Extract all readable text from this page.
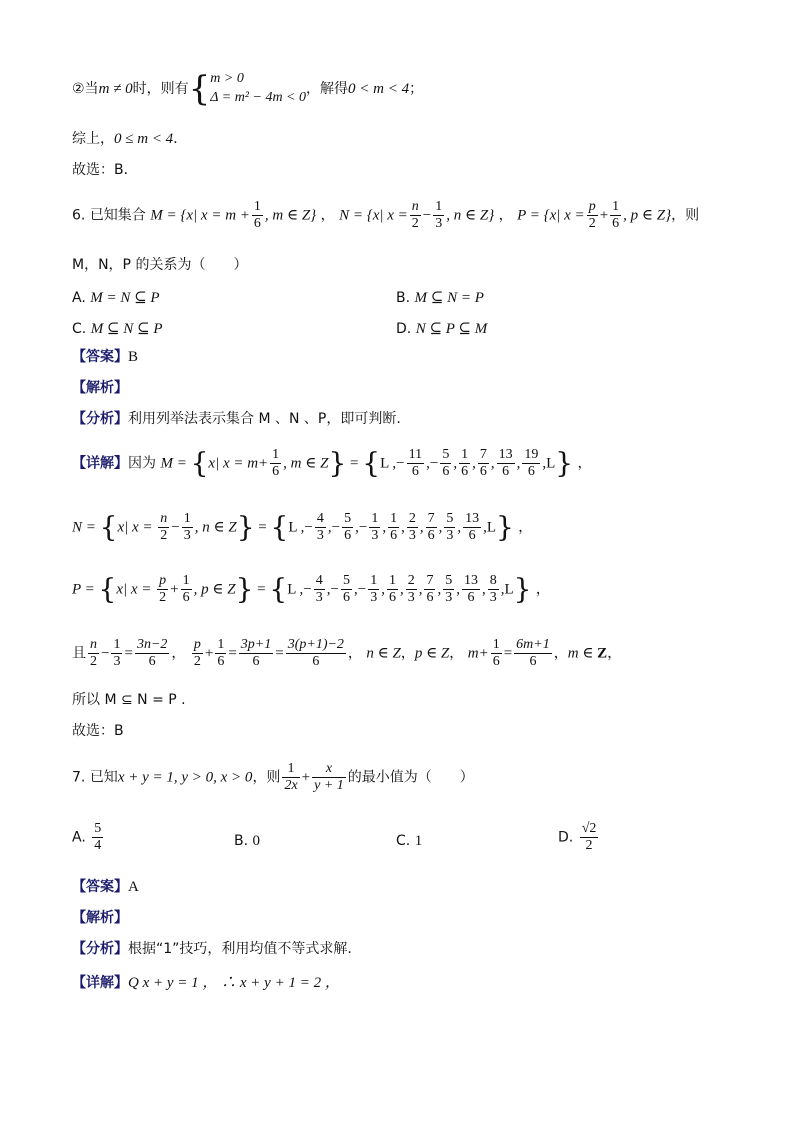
②当m ≠ 0时，则有{ m > 0
Δ = m² − 4m < 0
，解得0 < m < 4；
综上，0 ≤ m < 4．
故选：B．
6. 已知集合 M = {x| $x = m + \frac{1}{6}$ , m ∈ Z} ， N = {x| $x = \frac{n}{2} - \frac{1}{3}$ , n ∈ Z} ， P = {x| $x = \frac{p}{2} + \frac{1}{6}$ , p ∈ Z}，则
M，N，P 的关系为（　　）
A. M = N ⊆ P	B. M ⊆ N = P
C. M ⊆ N ⊆ P	D. N ⊆ P ⊆ M
【答案】B
【解析】
【分析】利用列举法表示集合 M 、N 、P，即可判断.
【详解】因为 M = {x| $x = m+ \frac{1}{6}$ , m ∈ Z} = {L ,− $\frac{11}{6}$ ,− $\frac{5}{6}$ , $\frac{1}{6}$ , $\frac{7}{6}$ , $\frac{13}{6}$ , $\frac{19}{6} ,L$} ，
N = {x| $x = \frac{n}{2} - \frac{1}{3}$ , n ∈ Z} = {L ,− $\frac{4}{3}$ ,− $\frac{5}{6}$ ,− $\frac{1}{3}$ , $\frac{1}{6}$ , $\frac{2}{3}$ , $\frac{7}{6}$ , $\frac{5}{3}$ , $\frac{13}{6} ,L$} ，
P = {x| $x = \frac{p}{2} + \frac{1}{6}$ , p ∈ Z} = {L ,− $\frac{4}{3}$ ,− $\frac{5}{6}$ ,− $\frac{1}{3}$ , $\frac{1}{6}$ , $\frac{2}{3}$ , $\frac{7}{6}$ , $\frac{5}{3}$ , $\frac{13}{6}$ , $\frac{8}{3} ,L$} ，
且 $\frac{n}{2} - \frac{1}{3} = \frac{3n-2}{6}$ ， $\frac{p}{2} + \frac{1}{6} = \frac{3p+1}{6} = \frac{3(p+1)-2}{6}$ ， n ∈ Z，p ∈ Z， $m+ \frac{1}{6} = \frac{6m+1}{6}$ ，m ∈ Z，
所以 M ⊆ N = P .
故选：B
7. 已知x + y = 1, y > 0, x > 0，则 $\frac{1}{2x} + \frac{x}{y + 1}$ 的最小值为（　　）
A. $\frac{5}{4}$	B. 0	C. 1	D. $\frac{√2}{2}$
【答案】A
【解析】
【分析】根据“1”技巧，利用均值不等式求解.
【详解】Q x + y = 1 ， ∴ x + y + 1 = 2 ，
